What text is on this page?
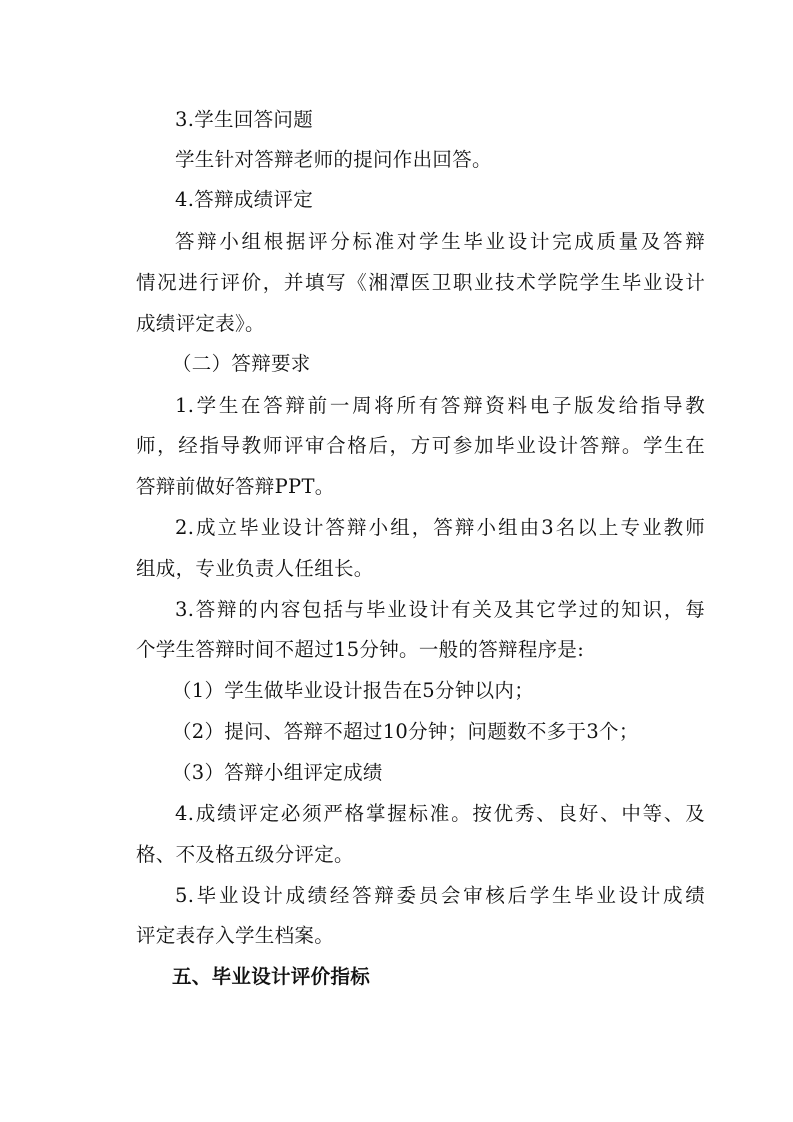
3.学生回答问题
学生针对答辩老师的提问作出回答。
4.答辩成绩评定
答辩小组根据评分标准对学生毕业设计完成质量及答辩
情况进行评价，并填写《湘潭医卫职业技术学院学生毕业设计
成绩评定表》。
（二）答辩要求
1.学生在答辩前一周将所有答辩资料电子版发给指导教
师，经指导教师评审合格后，方可参加毕业设计答辩。学生在
答辩前做好答辩PPT。
2.成立毕业设计答辩小组，答辩小组由3名以上专业教师
组成，专业负责人任组长。
3.答辩的内容包括与毕业设计有关及其它学过的知识，每
个学生答辩时间不超过15分钟。一般的答辩程序是:
（1）学生做毕业设计报告在5分钟以内；
（2）提问、答辩不超过10分钟；问题数不多于3个；
（3）答辩小组评定成绩
4.成绩评定必须严格掌握标准。按优秀、良好、中等、及
格、不及格五级分评定。
5.毕业设计成绩经答辩委员会审核后学生毕业设计成绩
评定表存入学生档案。
五、毕业设计评价指标
